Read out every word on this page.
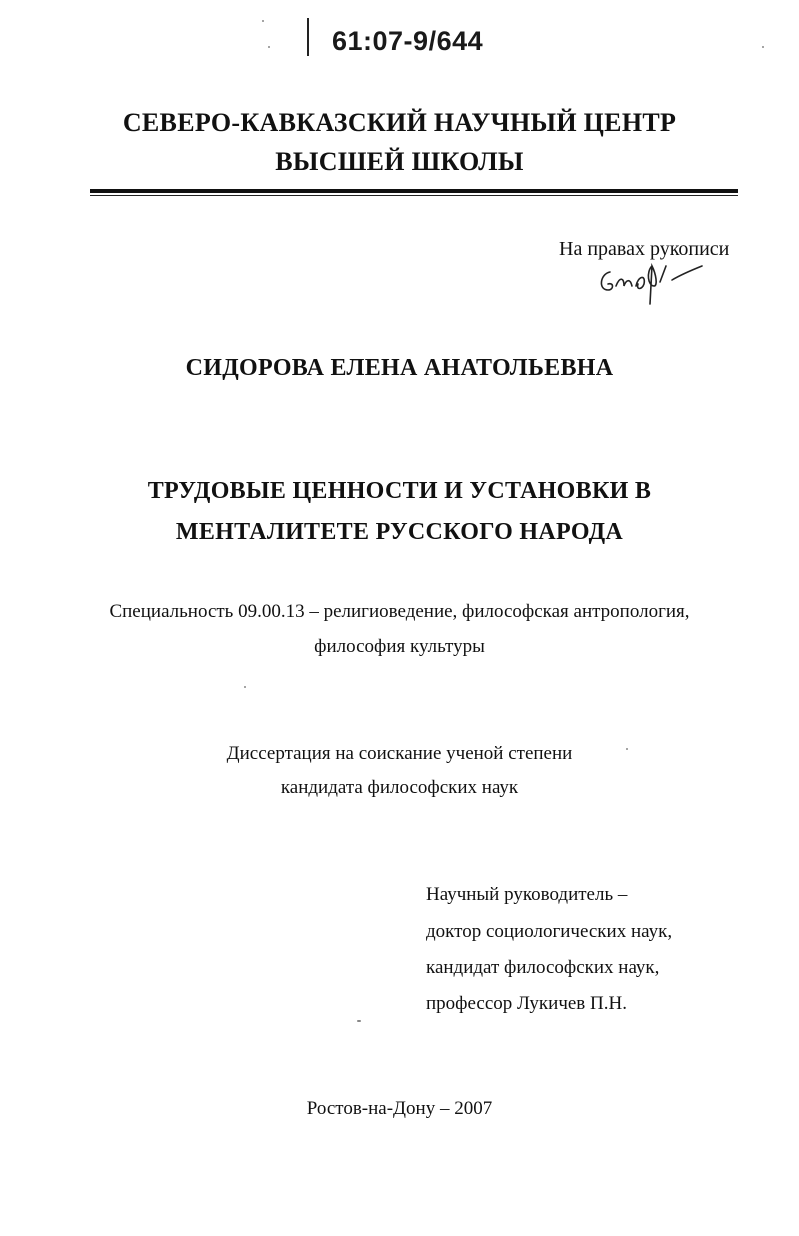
61:07-9/644
СЕВЕРО-КАВКАЗСКИЙ НАУЧНЫЙ ЦЕНТР
ВЫСШЕЙ ШКОЛЫ
На правах рукописи
СИДОРОВА ЕЛЕНА АНАТОЛЬЕВНА
ТРУДОВЫЕ ЦЕННОСТИ И УСТАНОВКИ В
МЕНТАЛИТЕТЕ РУССКОГО НАРОДА
Специальность 09.00.13 – религиоведение, философская антропология,
философия культуры
Диссертация на соискание ученой степени
кандидата философских наук
Научный руководитель –
доктор социологических наук,
кандидат философских наук,
профессор Лукичев П.Н.
Ростов-на-Дону – 2007
